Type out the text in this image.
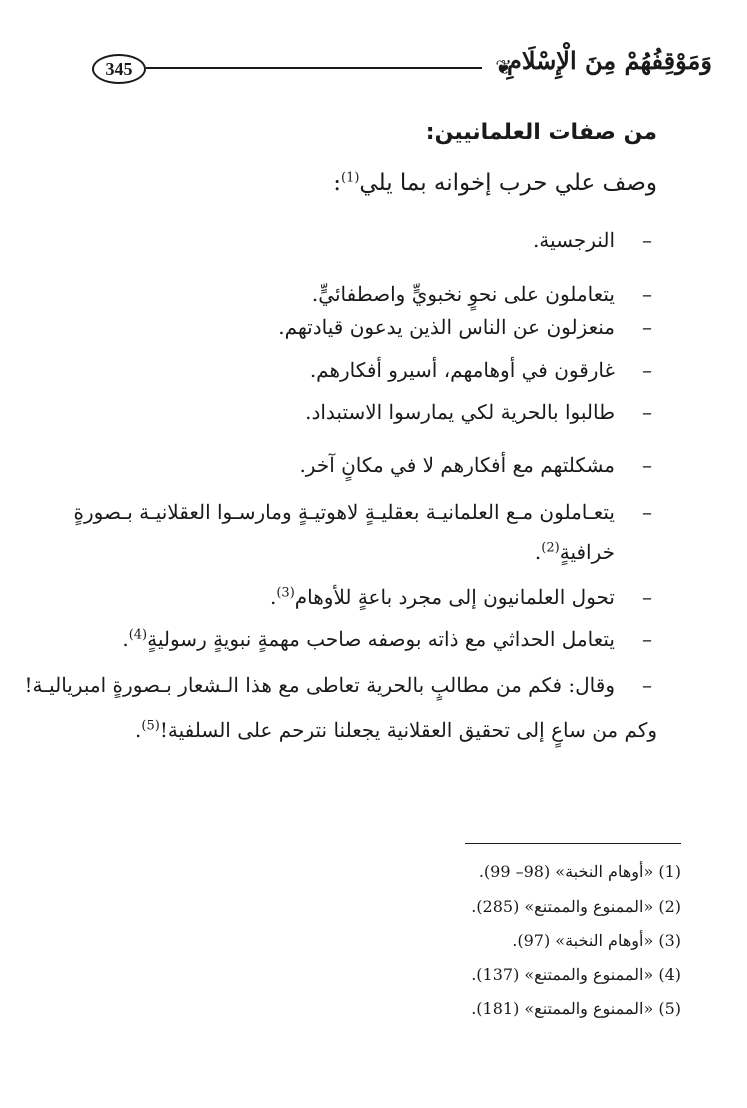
345	❦
وَمَوْقِفُهُمْ مِنَ الْإِسْلَامِ
من صفات العلمانيين:
وصف علي حرب إخوانه بما يلي$^{(1)}$:
–
النرجسية.
–
يتعاملون على نحوٍ نخبويٍّ واصطفائيٍّ.
–
منعزلون عن الناس الذين يدعون قيادتهم.
–
غارقون في أوهامهم، أسيرو أفكارهم.
–
طالبوا بالحرية لكي يمارسوا الاستبداد.
–
مشكلتهم مع أفكارهم لا في مكانٍ آخر.
–
يتعـاملون مـع العلمانيـة بعقليـةٍ لاهوتيـةٍ ومارسـوا العقلانيـة بـصورةٍ
خرافيةٍ$^{(2)}$.
–
تحول العلمانيون إلى مجرد باعةٍ للأوهام$^{(3)}$.
–
يتعامل الحداثي مع ذاته بوصفه صاحب مهمةٍ نبويةٍ رسوليةٍ$^{(4)}$.
–
وقال: فكم من مطالبٍ بالحرية تعاطى مع هذا الـشعار بـصورةٍ امبرياليـة!
وكم من ساعٍ إلى تحقيق العقلانية يجعلنا نترحم على السلفية!$^{(5)}$.
(1) «أوهام النخبة» (98– 99).
(2) «الممنوع والممتنع» (285).
(3) «أوهام النخبة» (97).
(4) «الممنوع والممتنع» (137).
(5) «الممنوع والممتنع» (181).
